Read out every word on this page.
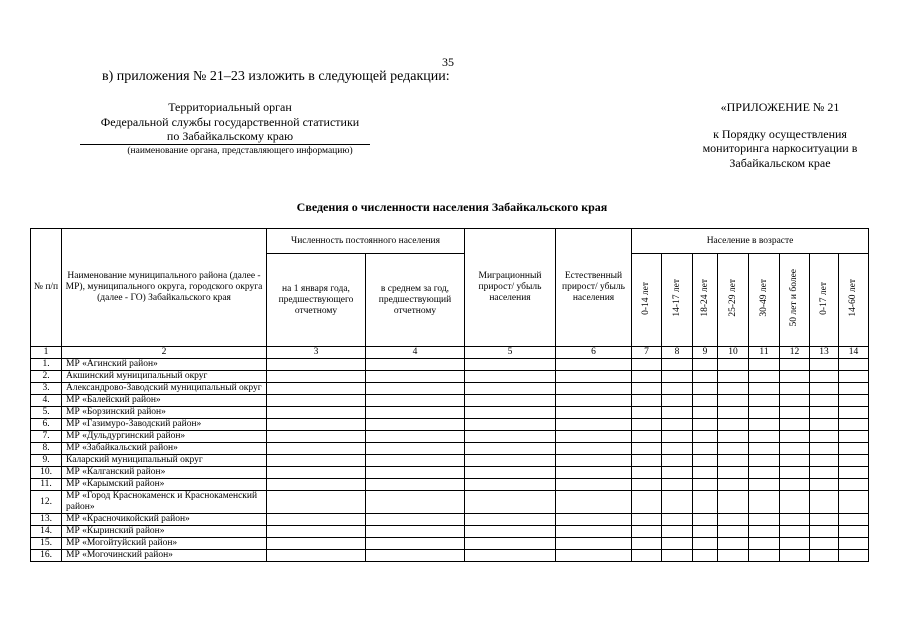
35
в) приложения № 21–23 изложить в следующей редакции:
Территориальный орган
Федеральной службы государственной статистики
по Забайкальскому краю
(наименование органа, представляющего информацию)
«ПРИЛОЖЕНИЕ № 21
к Порядку осуществления
мониторинга наркоситуации в
Забайкальском крае
Сведения о численности населения Забайкальского края
№ п/п	Наименование муниципального района (далее - МР), муниципального округа, городского округа (далее - ГО) Забайкальского края	Численность постоянного населения		Миграционный прирост/ убыль населения	Естественный прирост/ убыль населения	Население в возрасте							
		на 1 января года, предшествующего отчетному	в среднем за год, предшествующий отчетному			0-14 лет	14-17 лет	18-24 лет	25-29 лет	30-49 лет	50 лет и более	0-17 лет	14-60 лет
1	2	3	4	5	6	7	8	9	10	11	12	13	14
1.	МР «Агинский район»												
2.	Акшинский муниципальный округ												
3.	Александрово-Заводский муниципальный округ												
4.	МР «Балейский район»												
5.	МР «Борзинский район»												
6.	МР «Газимуро-Заводский район»												
7.	МР «Дульдургинский район»												
8.	МР «Забайкальский район»												
9.	Каларский муниципальный округ												
10.	МР «Калганский район»												
11.	МР «Карымский район»												
12.	МР «Город Краснокаменск и Краснокаменский район»												
13.	МР «Красночикойский район»												
14.	МР «Кыринский район»												
15.	МР «Могойтуйский район»												
16.	МР «Могочинский район»												
